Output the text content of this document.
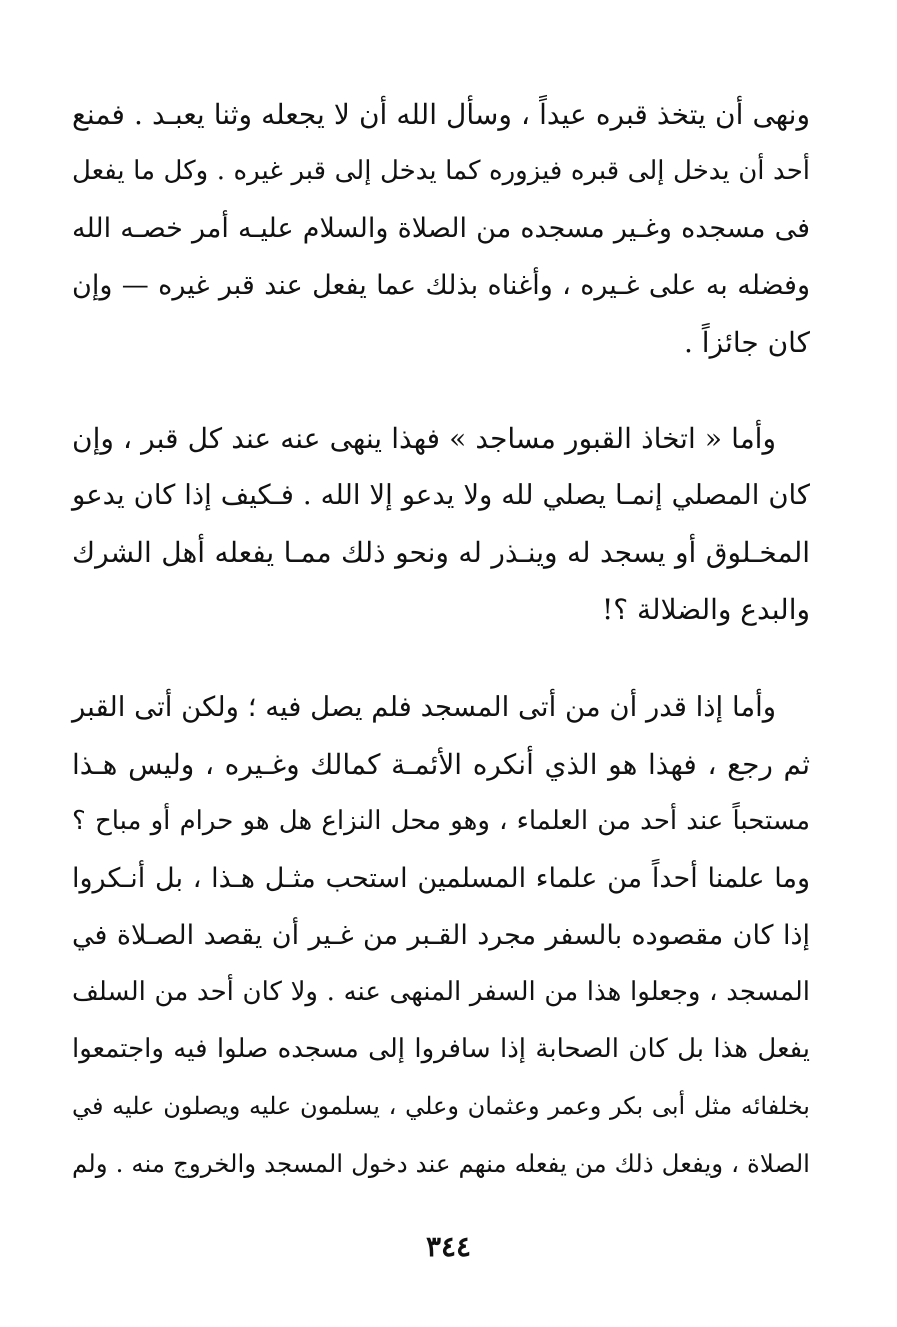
ونهى أن يتخذ قبره عيداً ، وسأل الله أن لا يجعله وثنا يعبـد . فمنع
أحد أن يدخل إلى قبره فيزوره كما يدخل إلى قبر غيره . وكل ما يفعل
فى مسجده وغـير مسجده من الصلاة والسلام عليـه أمر خصـه الله
وفضله به على غـيره ، وأغناه بذلك عما يفعل عند قبر غيره — وإن
كان جائزاً .
وأما « اتخاذ القبور مساجد » فهذا ينهى عنه عند كل قبر ، وإن
كان المصلي إنمـا يصلي لله ولا يدعو إلا الله . فـكيف إذا كان يدعو
المخـلوق أو يسجد له وينـذر له ونحو ذلك ممـا يفعله أهل الشرك
والبدع والضلالة ؟!
وأما إذا قدر أن من أتى المسجد فلم يصل فيه ؛ ولكن أتى القبر
ثم رجع ، فهذا هو الذي أنكره الأئمـة كمالك وغـيره ، وليس هـذا
مستحباً عند أحد من العلماء ، وهو محل النزاع هل هو حرام أو مباح ؟
وما علمنا أحداً من علماء المسلمين استحب مثـل هـذا ، بل أنـكروا
إذا كان مقصوده بالسفر مجرد القـبر من غـير أن يقصد الصـلاة في
المسجد ، وجعلوا هذا من السفر المنهى عنه . ولا كان أحد من السلف
يفعل هذا بل كان الصحابة إذا سافروا إلى مسجده صلوا فيه واجتمعوا
بخلفائه مثل أبى بكر وعمر وعثمان وعلي ، يسلمون عليه ويصلون عليه في
الصلاة ، ويفعل ذلك من يفعله منهم عند دخول المسجد والخروج منه . ولم
٣٤٤
